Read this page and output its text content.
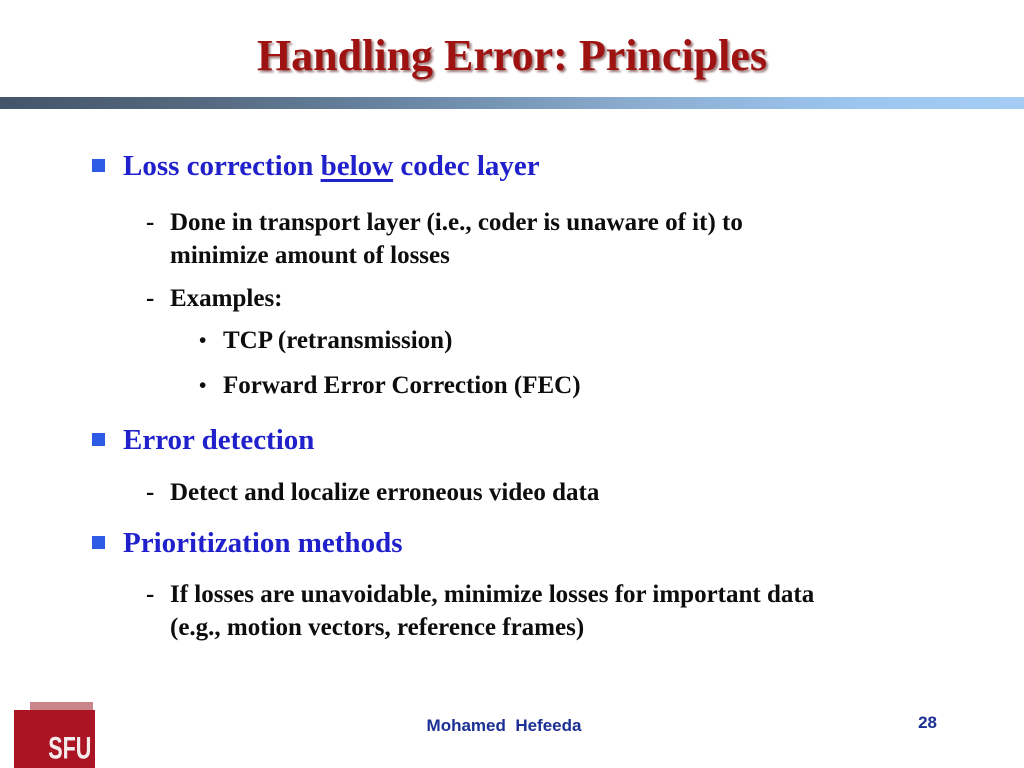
Handling Error: Principles
Loss correction below codec layer
- Done in transport layer (i.e., coder is unaware of it) to
minimize amount of losses
- Examples:
• TCP (retransmission)
• Forward Error Correction (FEC)
Error detection
- Detect and localize erroneous video data
Prioritization methods
- If losses are unavoidable, minimize losses for important data
(e.g., motion vectors, reference frames)
SFU
Mohamed  Hefeeda	28
